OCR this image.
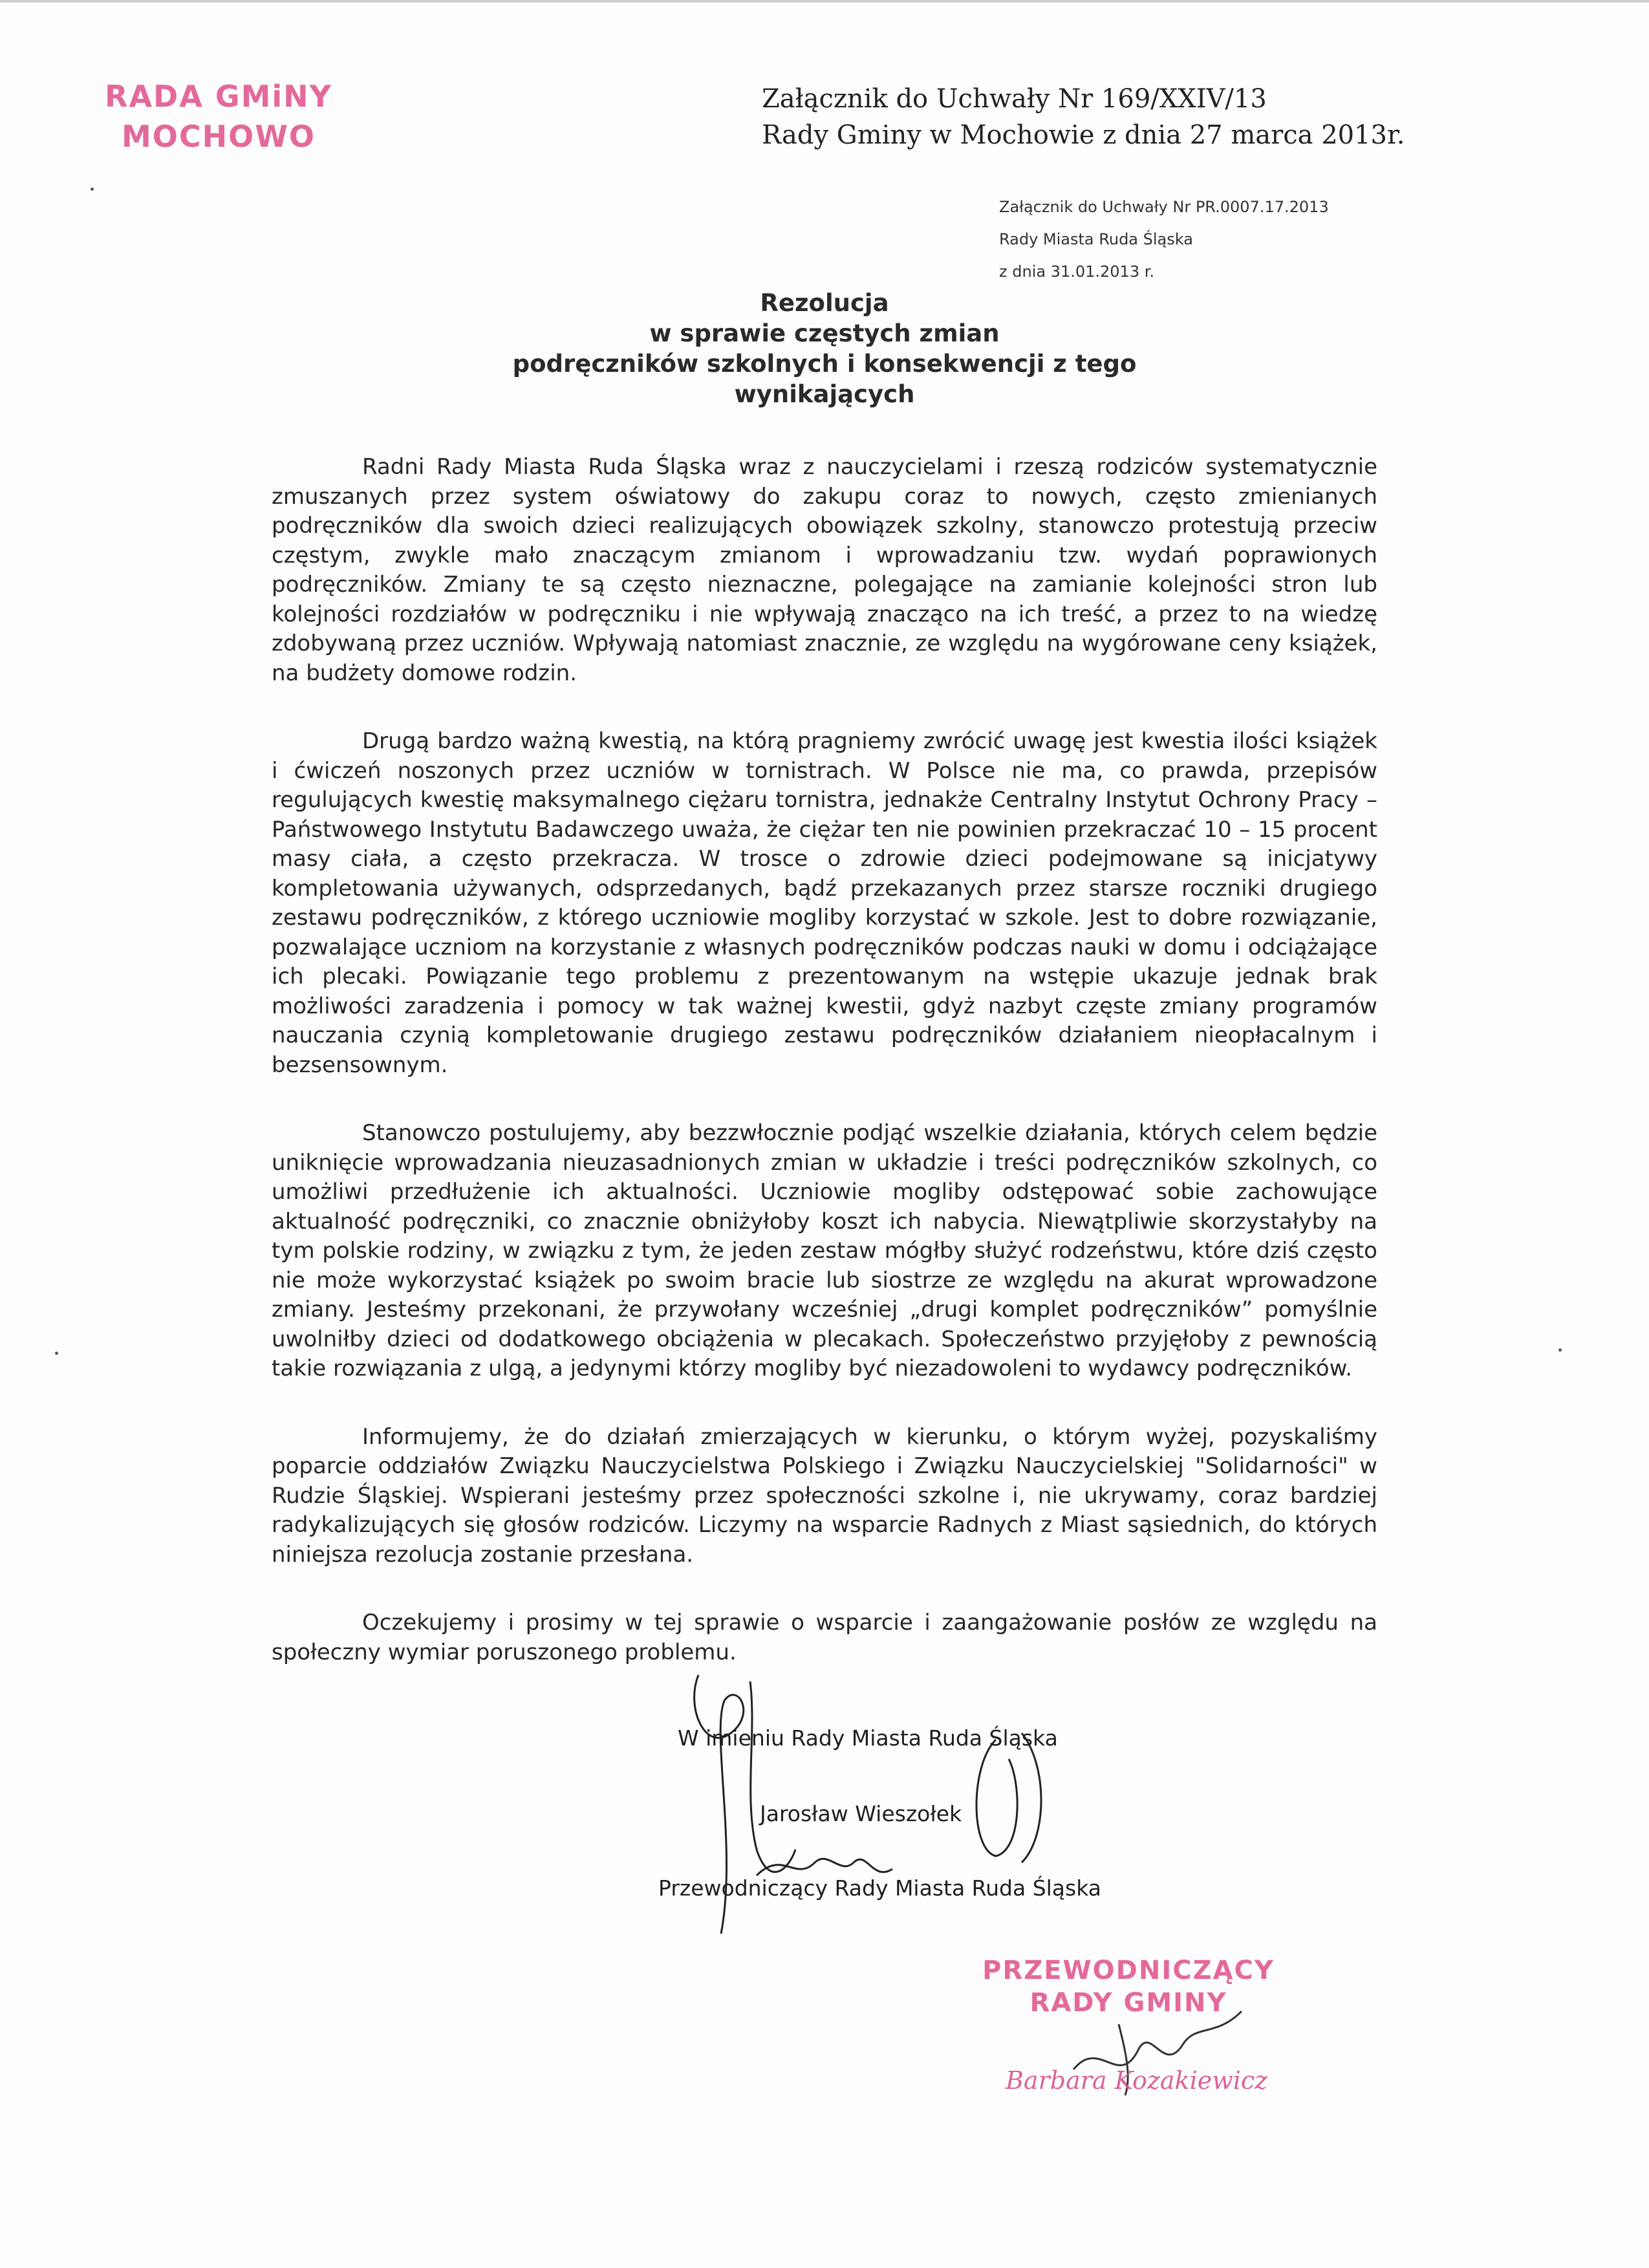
RADA GMiNY
MOCHOWO
Załącznik do Uchwały Nr 169/XXIV/13
Rady Gminy w Mochowie z dnia 27 marca 2013r.
Załącznik do Uchwały Nr PR.0007.17.2013
Rady Miasta Ruda Śląska
z dnia 31.01.2013 r.
Rezolucja
w sprawie częstych zmian
podręczników szkolnych i konsekwencji z tego
wynikających

Radni Rady Miasta Ruda Śląska wraz z nauczycielami i rzeszą rodziców systematycznie zmuszanych przez system oświatowy do zakupu coraz to nowych, często zmienianych podręczników dla swoich dzieci realizujących obowiązek szkolny, stanowczo protestują przeciw częstym, zwykle mało znaczącym zmianom i wprowadzaniu tzw. wydań poprawionych podręczników. Zmiany te są często nieznaczne, polegające na zamianie kolejności stron lub kolejności rozdziałów w podręczniku i nie wpływają znacząco na ich treść, a przez to na wiedzę zdobywaną przez uczniów. Wpływają natomiast znacznie, ze względu na wygórowane ceny książek, na budżety domowe rodzin.

Drugą bardzo ważną kwestią, na którą pragniemy zwrócić uwagę jest kwestia ilości książek i ćwiczeń noszonych przez uczniów w tornistrach. W Polsce nie ma, co prawda, przepisów regulujących kwestię maksymalnego ciężaru tornistra, jednakże Centralny Instytut Ochrony Pracy – Państwowego Instytutu Badawczego uważa, że ciężar ten nie powinien przekraczać 10 – 15 procent masy ciała, a często przekracza. W trosce o zdrowie dzieci podejmowane są inicjatywy kompletowania używanych, odsprzedanych, bądź przekazanych przez starsze roczniki drugiego zestawu podręczników, z którego uczniowie mogliby korzystać w szkole. Jest to dobre rozwiązanie, pozwalające uczniom na korzystanie z własnych podręczników podczas nauki w domu i odciążające ich plecaki. Powiązanie tego problemu z prezentowanym na wstępie ukazuje jednak brak możliwości zaradzenia i pomocy w tak ważnej kwestii, gdyż nazbyt częste zmiany programów nauczania czynią kompletowanie drugiego zestawu podręczników działaniem nieopłacalnym i bezsensownym.

Stanowczo postulujemy, aby bezzwłocznie podjąć wszelkie działania, których celem będzie uniknięcie wprowadzania nieuzasadnionych zmian w układzie i treści podręczników szkolnych, co umożliwi przedłużenie ich aktualności. Uczniowie mogliby odstępować sobie zachowujące aktualność podręczniki, co znacznie obniżyłoby koszt ich nabycia. Niewątpliwie skorzystałyby na tym polskie rodziny, w związku z tym, że jeden zestaw mógłby służyć rodzeństwu, które dziś często nie może wykorzystać książek po swoim bracie lub siostrze ze względu na akurat wprowadzone zmiany. Jesteśmy przekonani, że przywołany wcześniej „drugi komplet podręczników” pomyślnie uwolniłby dzieci od dodatkowego obciążenia w plecakach. Społeczeństwo przyjęłoby z pewnością takie rozwiązania z ulgą, a jedynymi którzy mogliby być niezadowoleni to wydawcy podręczników.

Informujemy, że do działań zmierzających w kierunku, o którym wyżej, pozyskaliśmy poparcie oddziałów Związku Nauczycielstwa Polskiego i Związku Nauczycielskiej "Solidarności" w Rudzie Śląskiej. Wspierani jesteśmy przez społeczności szkolne i, nie ukrywamy, coraz bardziej radykalizujących się głosów rodziców. Liczymy na wsparcie Radnych z Miast sąsiednich, do których niniejsza rezolucja zostanie przesłana.

Oczekujemy i prosimy w tej sprawie o wsparcie i zaangażowanie posłów ze względu na społeczny wymiar poruszonego problemu.

W imieniu Rady Miasta Ruda Śląska
Jarosław Wieszołek
Przewodniczący Rady Miasta Ruda Śląska
PRZEWODNICZĄCY
RADY GMINY
Barbara Kozakiewicz
